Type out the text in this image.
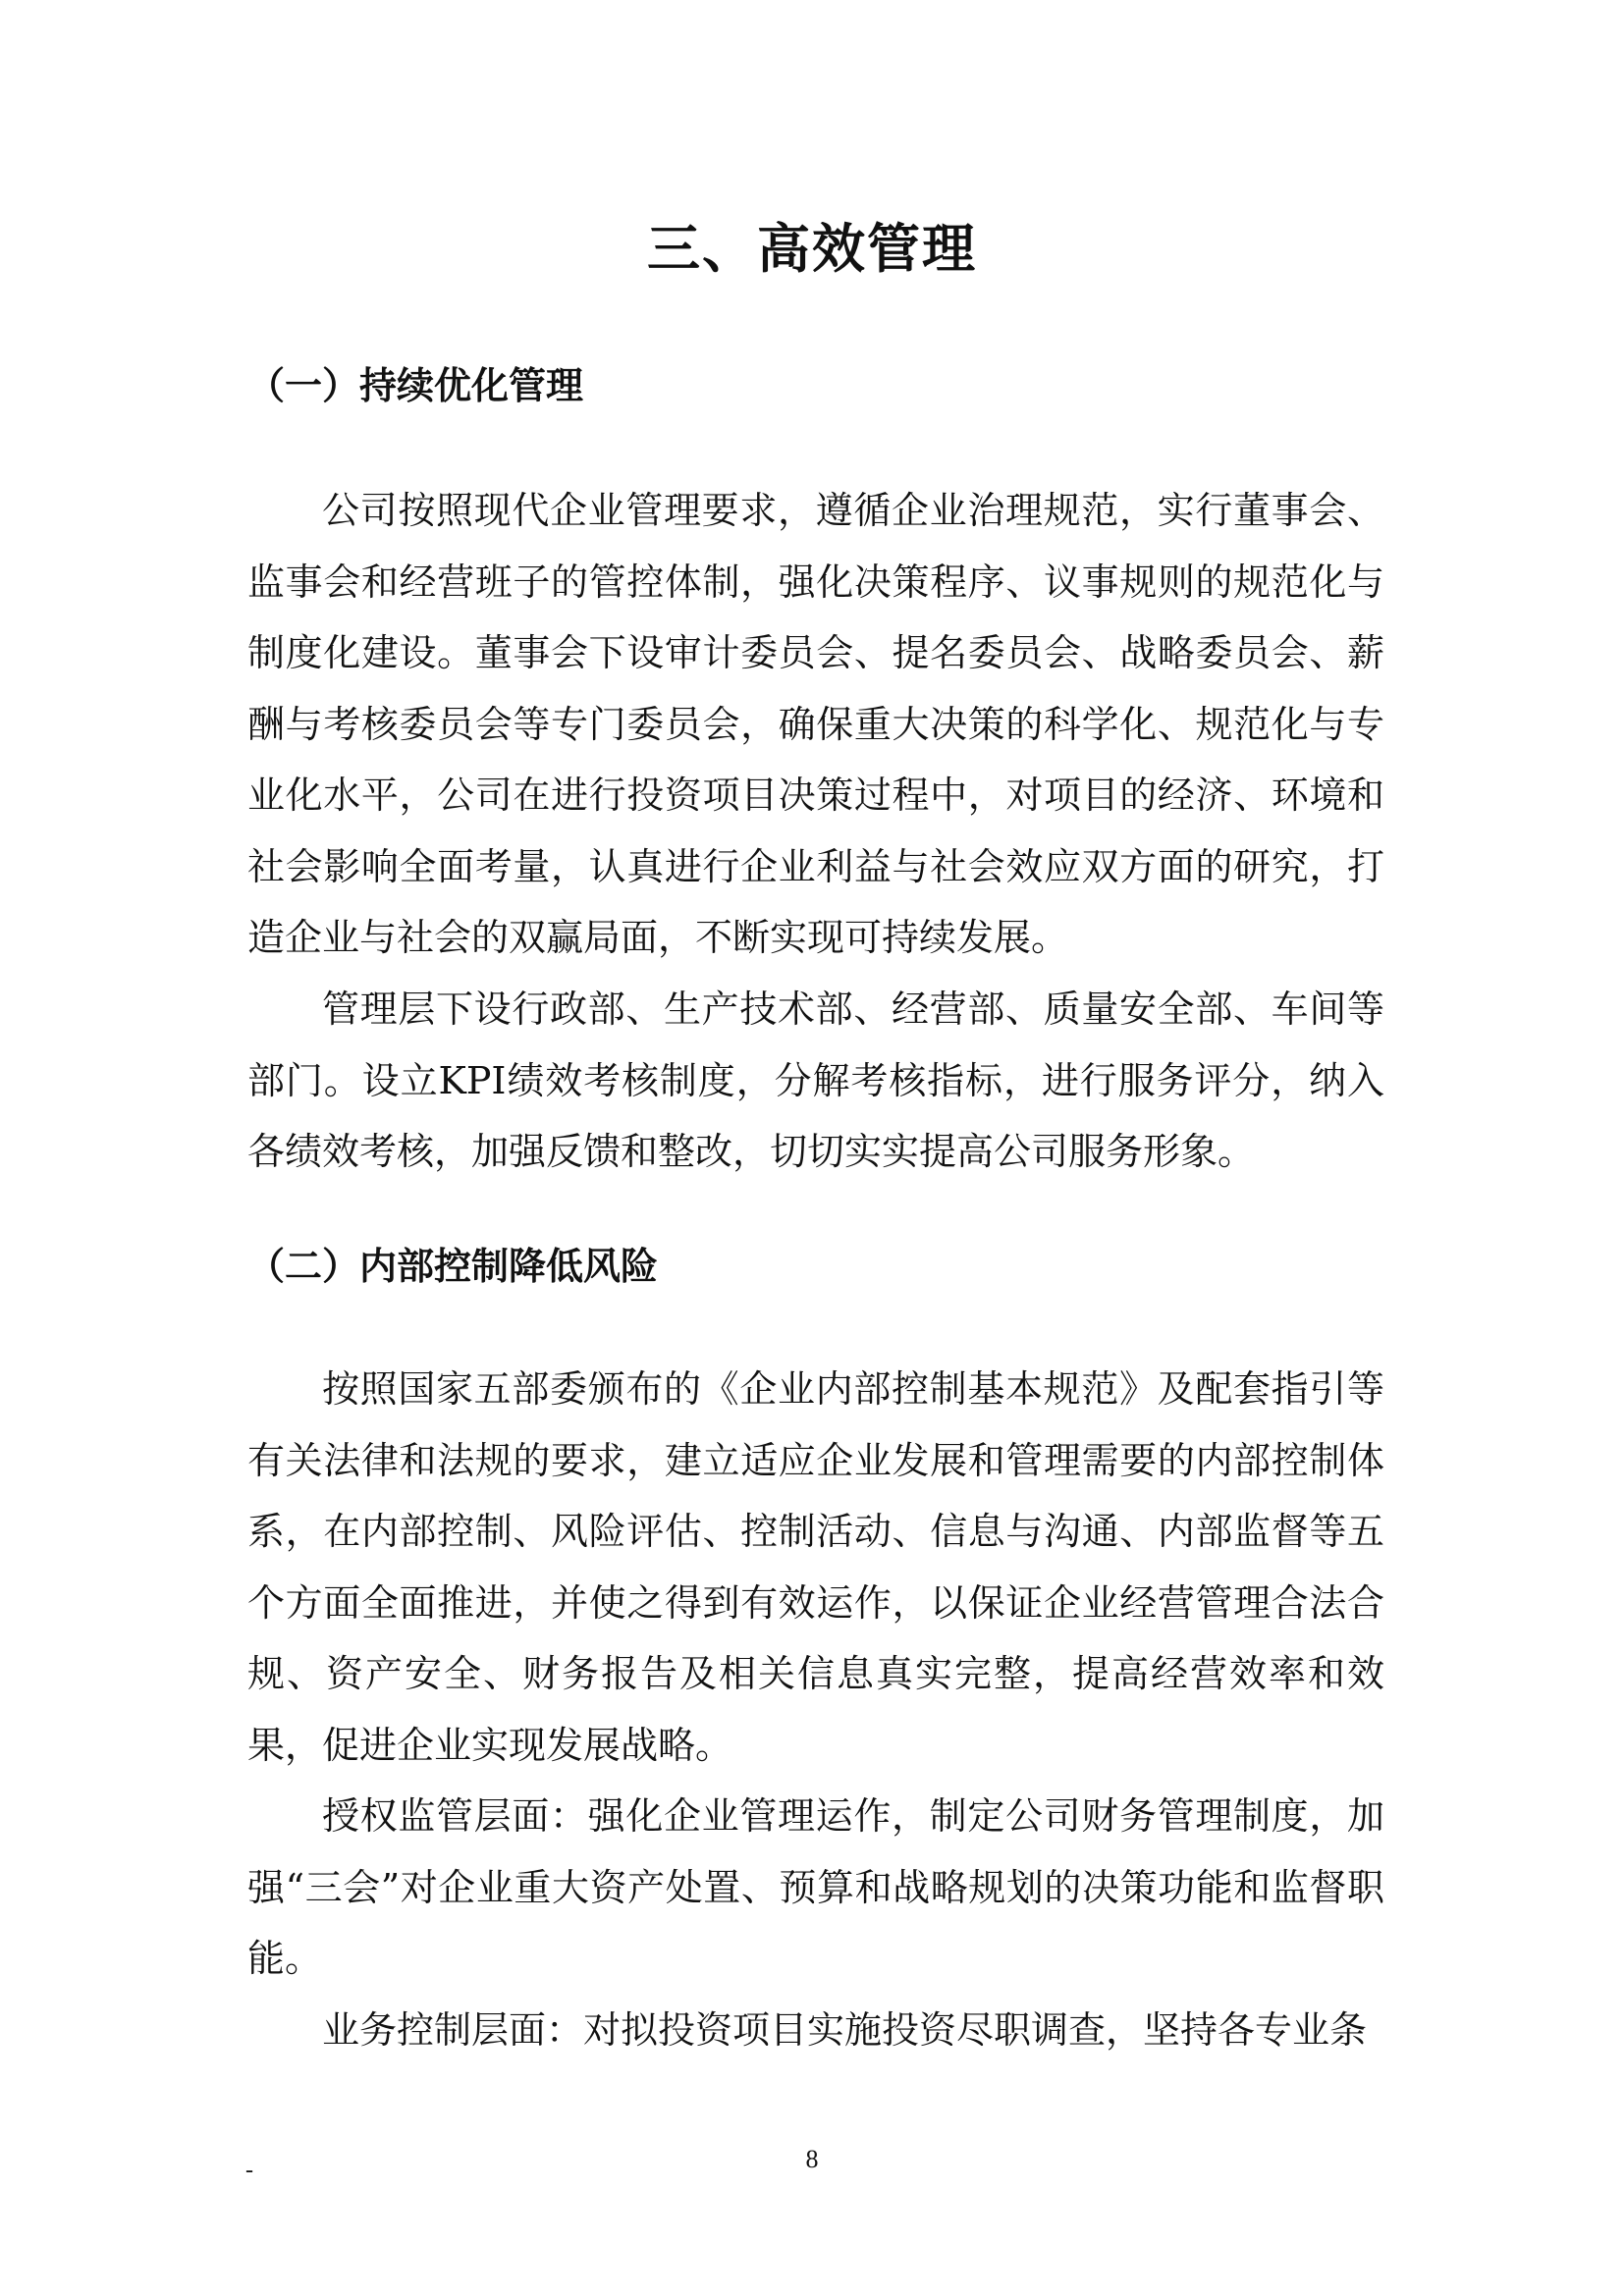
三、高效管理
（一）持续优化管理

公司按照现代企业管理要求，遵循企业治理规范，实行董事会、监事会和经营班子的管控体制，强化决策程序、议事规则的规范化与制度化建设。董事会下设审计委员会、提名委员会、战略委员会、薪酬与考核委员会等专门委员会，确保重大决策的科学化、规范化与专业化水平，公司在进行投资项目决策过程中，对项目的经济、环境和社会影响全面考量，认真进行企业利益与社会效应双方面的研究，打造企业与社会的双赢局面，不断实现可持续发展。

管理层下设行政部、生产技术部、经营部、质量安全部、车间等部门。设立KPI绩效考核制度，分解考核指标，进行服务评分，纳入各绩效考核，加强反馈和整改，切切实实提高公司服务形象。

（二）内部控制降低风险

按照国家五部委颁布的《企业内部控制基本规范》及配套指引等有关法律和法规的要求，建立适应企业发展和管理需要的内部控制体系，在内部控制、风险评估、控制活动、信息与沟通、内部监督等五个方面全面推进，并使之得到有效运作，以保证企业经营管理合法合规、资产安全、财务报告及相关信息真实完整，提高经营效率和效果，促进企业实现发展战略。

授权监管层面：强化企业管理运作，制定公司财务管理制度，加强“三会”对企业重大资产处置、预算和战略规划的决策功能和监督职能。

业务控制层面：对拟投资项目实施投资尽职调查，坚持各专业条

-	8
